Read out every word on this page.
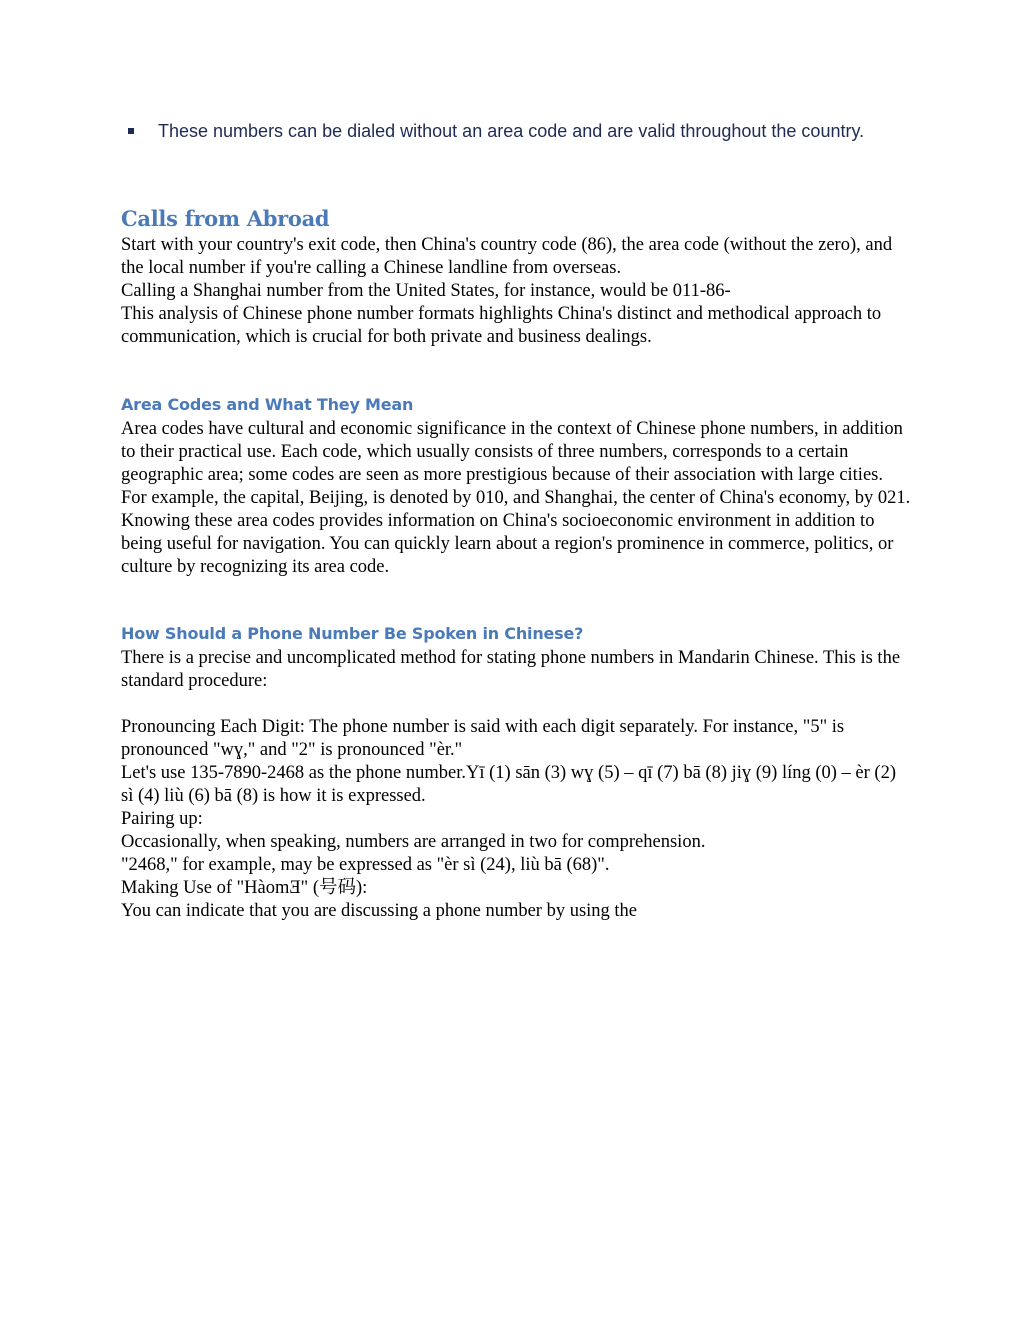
These numbers can be dialed without an area code and are valid throughout the country.
Calls from Abroad

Start with your country's exit code, then China's country code (86), the area code (without the zero), and the local number if you're calling a Chinese landline from overseas.

Calling a Shanghai number from the United States, for instance, would be 011-86-

This analysis of Chinese phone number formats highlights China's distinct and methodical approach to communication, which is crucial for both private and business dealings.

Area Codes and What They Mean

Area codes have cultural and economic significance in the context of Chinese phone numbers, in addition to their practical use. Each code, which usually consists of three numbers, corresponds to a certain geographic area; some codes are seen as more prestigious because of their association with large cities. For example, the capital, Beijing, is denoted by 010, and Shanghai, the center of China's economy, by 021. Knowing these area codes provides information on China's socioeconomic environment in addition to being useful for navigation. You can quickly learn about a region's prominence in commerce, politics, or culture by recognizing its area code.

How Should a Phone Number Be Spoken in Chinese?

There is a precise and uncomplicated method for stating phone numbers in Mandarin Chinese. This is the standard procedure:

Pronouncing Each Digit: The phone number is said with each digit separately. For instance, "5" is pronounced "wɣ," and "2" is pronounced "èr."

Let's use 135-7890-2468 as the phone number.Yī (1) sān (3) wɣ (5) – qī (7) bā (8) jiɣ (9) líng (0) – èr (2) sì (4) liù (6) bā (8) is how it is expressed.

Pairing up:

Occasionally, when speaking, numbers are arranged in two for comprehension.

"2468," for example, may be expressed as "èr sì (24), liù bā (68)".

Making Use of "HàomƎ" (号码):

You can indicate that you are discussing a phone number by using the
